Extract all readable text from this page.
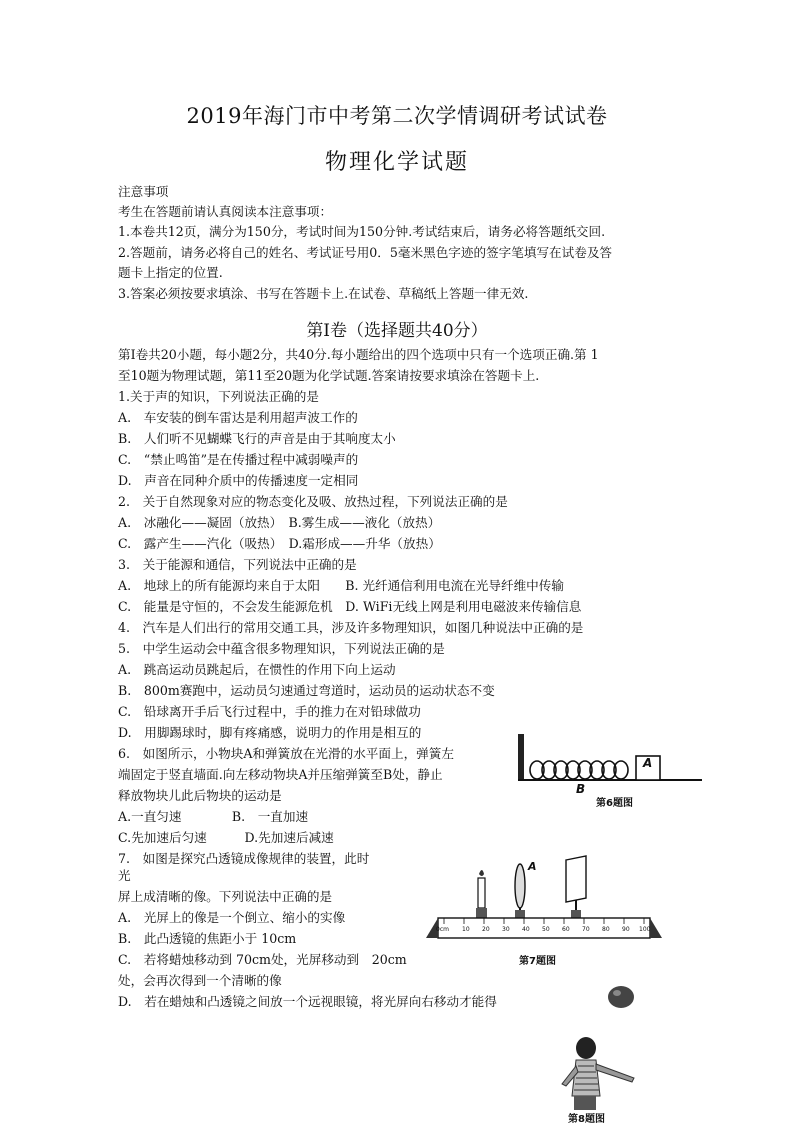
2019年海门市中考第二次学情调研考试试卷
物理化学试题
注意事项
考生在答题前请认真阅读本注意事项：
1.本卷共12页，满分为150分，考试时间为150分钟.考试结束后，请务必将答题纸交回.
2.答题前，请务必将自己的姓名、考试证号用0．5毫米黑色字迹的签字笔填写在试卷及答
题卡上指定的位置.
3.答案必须按要求填涂、书写在答题卡上.在试卷、草稿纸上答题一律无效.
第Ⅰ卷（选择题共40分）
第Ⅰ卷共20小题，每小题2分，共40分.每小题给出的四个选项中只有一个选项正确.第 1
至10题为物理试题，第11至20题为化学试题.答案请按要求填涂在答题卡上.
1.关于声的知识，下列说法正确的是
A.　车安装的倒车雷达是利用超声波工作的
B.　人们听不见蝴蝶飞行的声音是由于其响度太小
C.　“禁止鸣笛”是在传播过程中减弱噪声的
D.　声音在同种介质中的传播速度一定相同
2.　关于自然现象对应的物态变化及吸、放热过程，下列说法正确的是
A.　冰融化——凝固（放热）　B.雾生成——液化（放热）
C.　露产生——汽化（吸热）　D.霜形成——升华（放热）
3.　关于能源和通信，下列说法中正确的是
A.　地球上的所有能源均来自于太阳　　B. 光纤通信利用电流在光导纤维中传输
C.　能量是守恒的，不会发生能源危机　D. WiFi无线上网是利用电磁波来传输信息
4.　汽车是人们出行的常用交通工具，涉及许多物理知识，如图几种说法中正确的是
5.　中学生运动会中蕴含很多物理知识，下列说法正确的是
A.　跳高运动员跳起后，在惯性的作用下向上运动
B.　800m赛跑中，运动员匀速通过弯道时，运动员的运动状态不变
C.　铅球离开手后飞行过程中，手的推力在对铅球做功
D.　用脚踢球时，脚有疼痛感，说明力的作用是相互的
6.　如图所示，小物块A和弹簧放在光滑的水平面上，弹簧左
端固定于竖直墙面.向左移动物块A并压缩弹簧至B处，静止
释放物块儿此后物块的运动是
A.一直匀速　　　　B.　一直加速
C.先加速后匀速　　　D.先加速后减速
7.　如图是探究凸透镜成像规律的装置，此时
光
屏上成清晰的像。下列说法中正确的是
A.　光屏上的像是一个倒立、缩小的实像
B.　此凸透镜的焦距小于 10cm
C.　若将蜡烛移动到 70cm处，光屏移动到　20cm
处，会再次得到一个清晰的像
D.　若在蜡烛和凸透镜之间放一个远视眼镜，将光屏向右移动才能得
A
B
第6题图
A
0cm 10 20 30 40 50 60 70 80 90 100
第7题图
第8题图
